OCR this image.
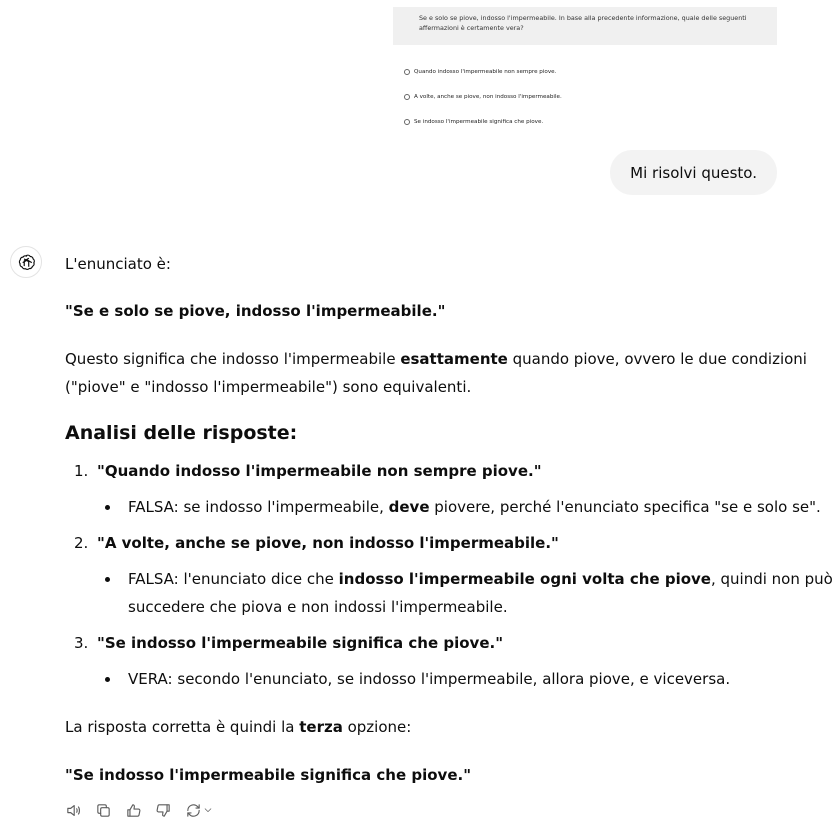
Se e solo se piove, indosso l'impermeabile. In base alla precedente informazione, quale delle seguenti affermazioni è certamente vera?
Quando indosso l'impermeabile non sempre piove.
A volte, anche se piove, non indosso l'impermeabile.
Se indosso l'impermeabile significa che piove.
Mi risolvi questo.
L'enunciato è:
"Se e solo se piove, indosso l'impermeabile."
Questo significa che indosso l'impermeabile esattamente quando piove, ovvero le due condizioni
("piove" e "indosso l'impermeabile") sono equivalenti.
Analisi delle risposte:
1. "Quando indosso l'impermeabile non sempre piove."
FALSA: se indosso l'impermeabile, deve piovere, perché l'enunciato specifica "se e solo se".
2. "A volte, anche se piove, non indosso l'impermeabile."
FALSA: l'enunciato dice che indosso l'impermeabile ogni volta che piove, quindi non può
succedere che piova e non indossi l'impermeabile.
3. "Se indosso l'impermeabile significa che piove."
VERA: secondo l'enunciato, se indosso l'impermeabile, allora piove, e viceversa.
La risposta corretta è quindi la terza opzione:
"Se indosso l'impermeabile significa che piove."
